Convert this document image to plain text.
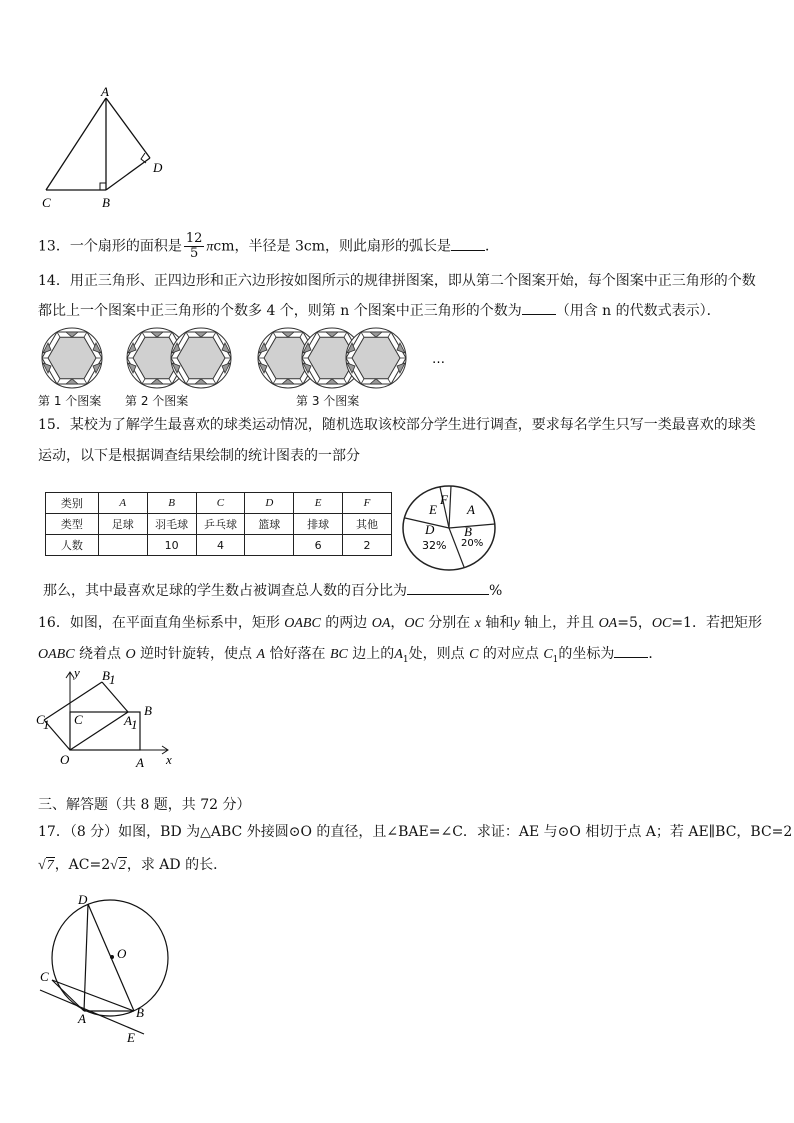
A
C	B
D
13．一个扇形的面积是 $\frac{12}{5}$ πcm，半径是 3cm，则此扇形的弧长是 ．
14．用正三角形、正四边形和正六边形按如图所示的规律拼图案，即从第二个图案开始，每个图案中正三角形的个数
都比上一个图案中正三角形的个数多 4 个，则第 n 个图案中正三角形的个数为 （用含 n 的代数式表示）．
…
第 1 个图案 第 2 个图案	第 3 个图案
15．某校为了解学生最喜欢的球类运动情况，随机选取该校部分学生进行调查，要求每名学生只写一类最喜欢的球类
运动，以下是根据调查结果绘制的统计图表的一部分
类别	A	B	C	D	E	F
类型	足球	羽毛球	乒乓球	篮球	排球	其他
人数		10	4		6	2
F
E A
D
32%
B
20%
那么，其中最喜欢足球的学生数占被调查总人数的百分比为	%
16．如图，在平面直角坐标系中，矩形 OABC 的两边 OA，OC 分别在 x 轴和y 轴上，并且 OA=5，OC=1．若把矩形
OABC 绕着点 O 逆时针旋转，使点 A 恰好落在 BC 边上的$A_1$处，则点 C 的对应点 $C_1$的坐标为 ．
y
x
O	A
B
C
C
1
B 1
A 1
三、解答题（共 8 题，共 72 分）
17．（8 分）如图，BD 为△ABC 外接圆⊙O 的直径，且∠BAE=∠C．求证：AE 与⊙O 相切于点 A；若 AE∥BC，BC=2
√7，AC=2√2，求 AD 的长．
D
O
C
A	B
E
